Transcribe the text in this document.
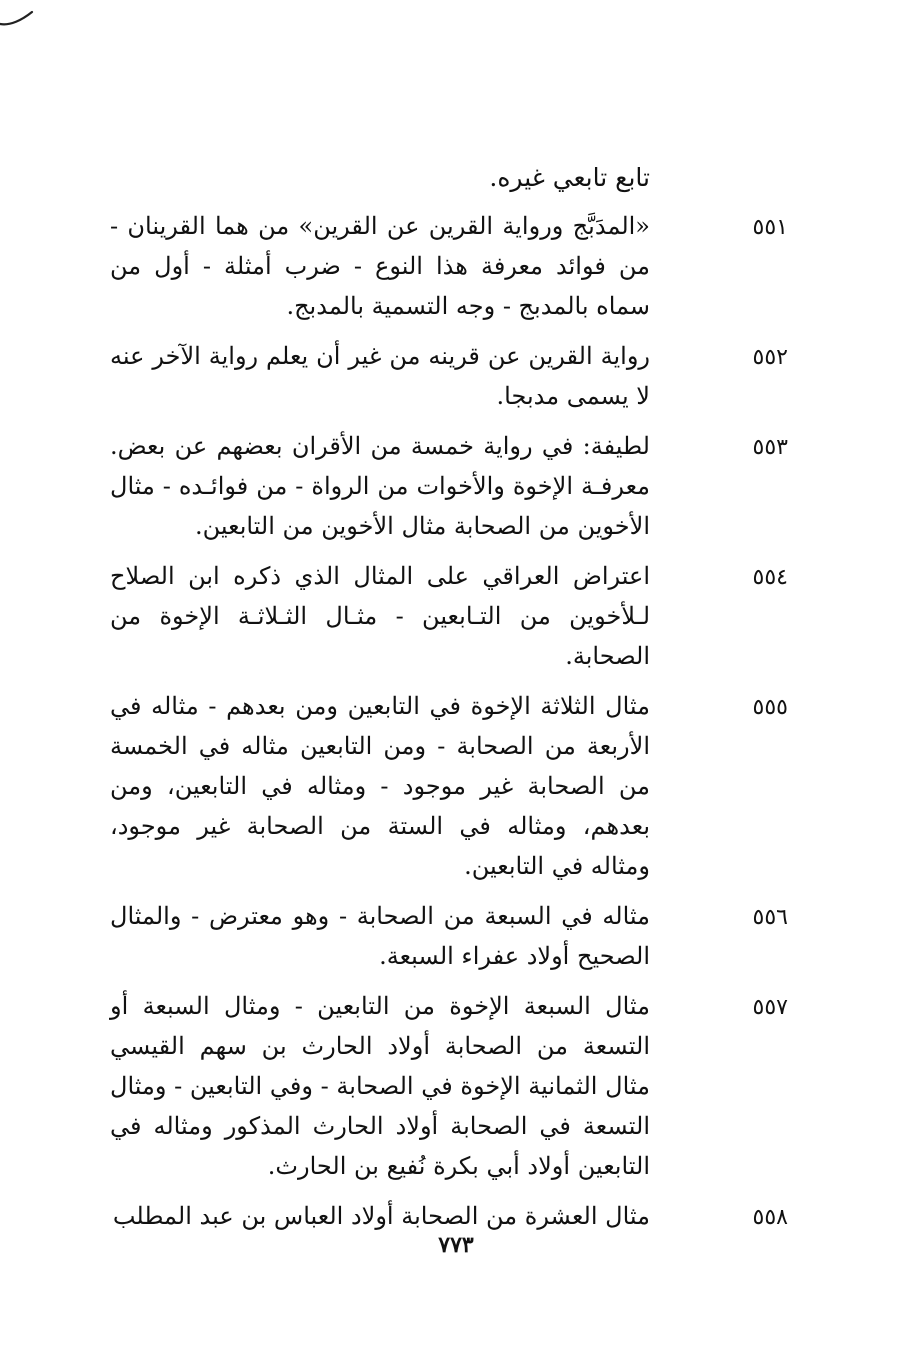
تابع تابعي غيره.
٥٥١
«المدَبَّج ورواية القرين عن القرين» من هما القرينان - من فوائد معرفة هذا النوع - ضرب أمثلة - أول من سماه بالمدبج - وجه التسمية بالمدبج.
٥٥٢
رواية القرين عن قرينه من غير أن يعلم رواية الآخر عنه لا يسمى مدبجا.
٥٥٣
لطيفة: في رواية خمسة من الأقران بعضهم عن بعض. معرفـة الإخوة والأخوات من الرواة - من فوائـده - مثال الأخوين من الصحابة مثال الأخوين من التابعين.
٥٥٤
اعتراض العراقي على المثال الذي ذكره ابن الصلاح لـلأخوين من التـابعين - مثـال الثـلاثـة الإخوة من الصحابة.
٥٥٥
مثال الثلاثة الإخوة في التابعين ومن بعدهم - مثاله في الأربعة من الصحابة - ومن التابعين مثاله في الخمسة من الصحابة غير موجود - ومثاله في التابعين، ومن بعدهم، ومثاله في الستة من الصحابة غير موجود، ومثاله في التابعين.
٥٥٦
مثاله في السبعة من الصحابة - وهو معترض - والمثال الصحيح أولاد عفراء السبعة.
٥٥٧
مثال السبعة الإخوة من التابعين - ومثال السبعة أو التسعة من الصحابة أولاد الحارث بن سهم القيسي مثال الثمانية الإخوة في الصحابة - وفي التابعين - ومثال التسعة في الصحابة أولاد الحارث المذكور ومثاله في التابعين أولاد أبي بكرة نُفيع بن الحارث.
٥٥٨
مثال العشرة من الصحابة أولاد العباس بن عبد المطلب
٧٧٣
